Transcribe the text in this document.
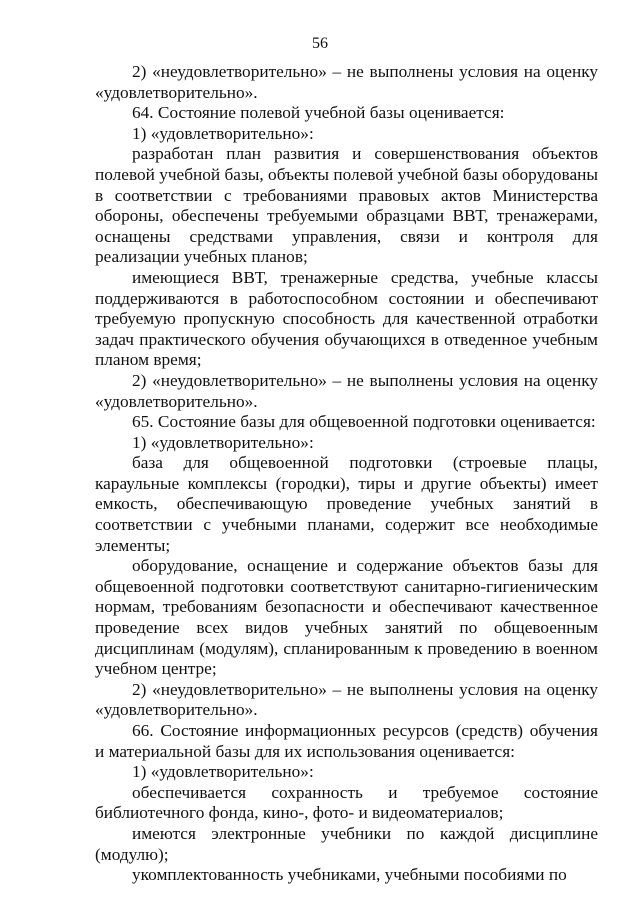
56

2) «неудовлетворительно» – не выполнены условия на оценку «удовлетворительно».

64. Состояние полевой учебной базы оценивается:

1) «удовлетворительно»:

разработан план развития и совершенствования объектов полевой учебной базы, объекты полевой учебной базы оборудованы в соответствии с требованиями правовых актов Министерства обороны, обеспечены требуемыми образцами ВВТ, тренажерами, оснащены средствами управления, связи и контроля для реализации учебных планов;

имеющиеся ВВТ, тренажерные средства, учебные классы поддерживаются в работоспособном состоянии и обеспечивают требуемую пропускную способность для качественной отработки задач практического обучения обучающихся в отведенное учебным планом время;

2) «неудовлетворительно» – не выполнены условия на оценку «удовлетворительно».

65. Состояние базы для общевоенной подготовки оценивается:

1) «удовлетворительно»:

база для общевоенной подготовки (строевые плацы, караульные комплексы (городки), тиры и другие объекты) имеет емкость, обеспечивающую проведение учебных занятий в соответствии с учебными планами, содержит все необходимые элементы;

оборудование, оснащение и содержание объектов базы для общевоенной подготовки соответствуют санитарно-гигиеническим нормам, требованиям безопасности и обеспечивают качественное проведение всех видов учебных занятий по общевоенным дисциплинам (модулям), спланированным к проведению в военном учебном центре;

2) «неудовлетворительно» – не выполнены условия на оценку «удовлетворительно».

66. Состояние информационных ресурсов (средств) обучения и материальной базы для их использования оценивается:

1) «удовлетворительно»:

обеспечивается сохранность и требуемое состояние библиотечного фонда, кино-, фото- и видеоматериалов;

имеются электронные учебники по каждой дисциплине (модулю);

укомплектованность учебниками, учебными пособиями по
